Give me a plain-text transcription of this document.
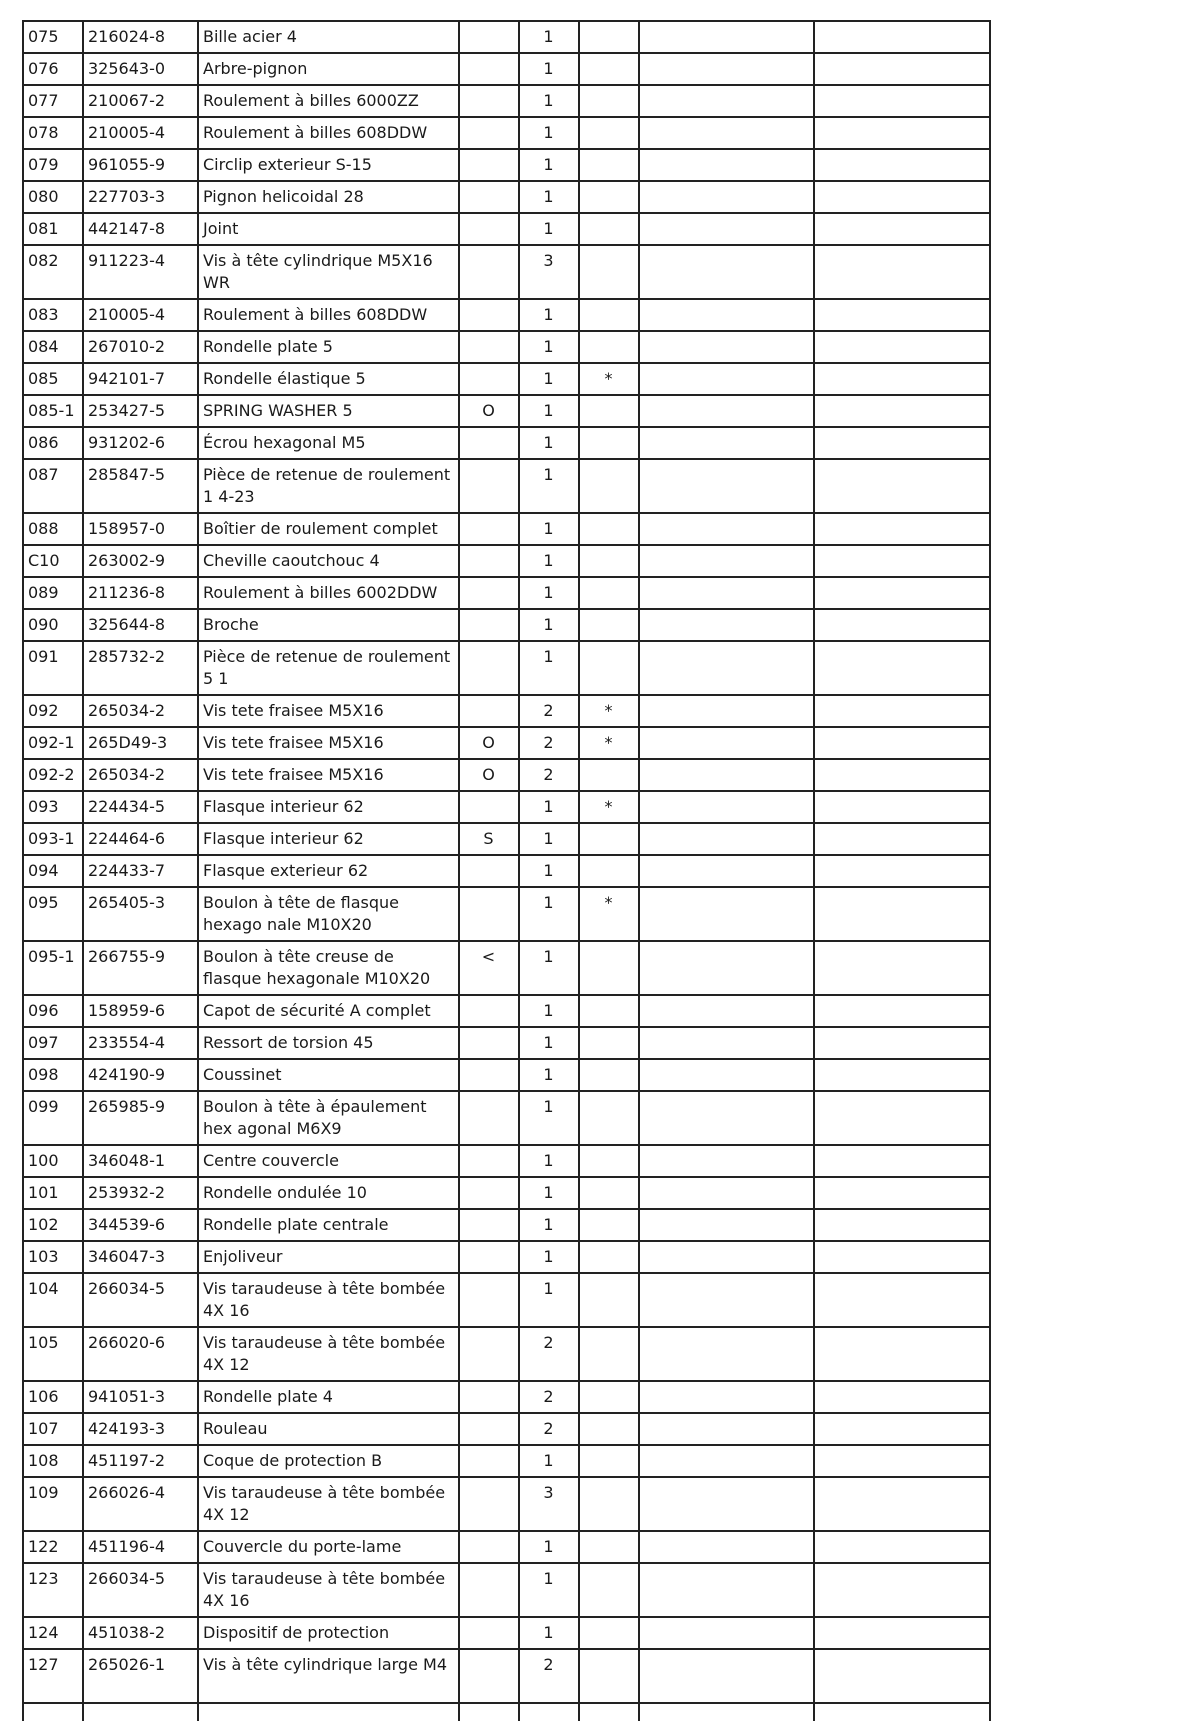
075	216024-8	Bille acier 4		1			
076	325643-0	Arbre-pignon		1			
077	210067-2	Roulement à billes 6000ZZ		1			
078	210005-4	Roulement à billes 608DDW		1			
079	961055-9	Circlip exterieur S-15		1			
080	227703-3	Pignon helicoidal 28		1			
081	442147-8	Joint		1			
082	911223-4	Vis à tête cylindrique M5X16 WR		3			
083	210005-4	Roulement à billes 608DDW		1			
084	267010-2	Rondelle plate 5		1			
085	942101-7	Rondelle élastique 5		1	*		
085-1	253427-5	SPRING WASHER 5	O	1			
086	931202-6	Écrou hexagonal M5		1			
087	285847-5	Pièce de retenue de roulement 1 4-23		1			
088	158957-0	Boîtier de roulement complet		1			
C10	263002-9	Cheville caoutchouc 4		1			
089	211236-8	Roulement à billes 6002DDW		1			
090	325644-8	Broche		1			
091	285732-2	Pièce de retenue de roulement 5 1		1			
092	265034-2	Vis tete fraisee M5X16		2	*		
092-1	265D49-3	Vis tete fraisee M5X16	O	2	*		
092-2	265034-2	Vis tete fraisee M5X16	O	2			
093	224434-5	Flasque interieur 62		1	*		
093-1	224464-6	Flasque interieur 62	S	1			
094	224433-7	Flasque exterieur 62		1			
095	265405-3	Boulon à tête de flasque hexago nale M10X20		1	*		
095-1	266755-9	Boulon à tête creuse de flasque hexagonale M10X20	<	1			
096	158959-6	Capot de sécurité A complet		1			
097	233554-4	Ressort de torsion 45		1			
098	424190-9	Coussinet		1			
099	265985-9	Boulon à tête à épaulement hex agonal M6X9		1			
100	346048-1	Centre couvercle		1			
101	253932-2	Rondelle ondulée 10		1			
102	344539-6	Rondelle plate centrale		1			
103	346047-3	Enjoliveur		1			
104	266034-5	Vis taraudeuse à tête bombée 4X 16		1			
105	266020-6	Vis taraudeuse à tête bombée 4X 12		2			
106	941051-3	Rondelle plate 4		2			
107	424193-3	Rouleau		2			
108	451197-2	Coque de protection B		1			
109	266026-4	Vis taraudeuse à tête bombée 4X 12		3			
122	451196-4	Couvercle du porte-lame		1			
123	266034-5	Vis taraudeuse à tête bombée 4X 16		1			
124	451038-2	Dispositif de protection		1			
127	265026-1	Vis à tête cylindrique large M4		2			
